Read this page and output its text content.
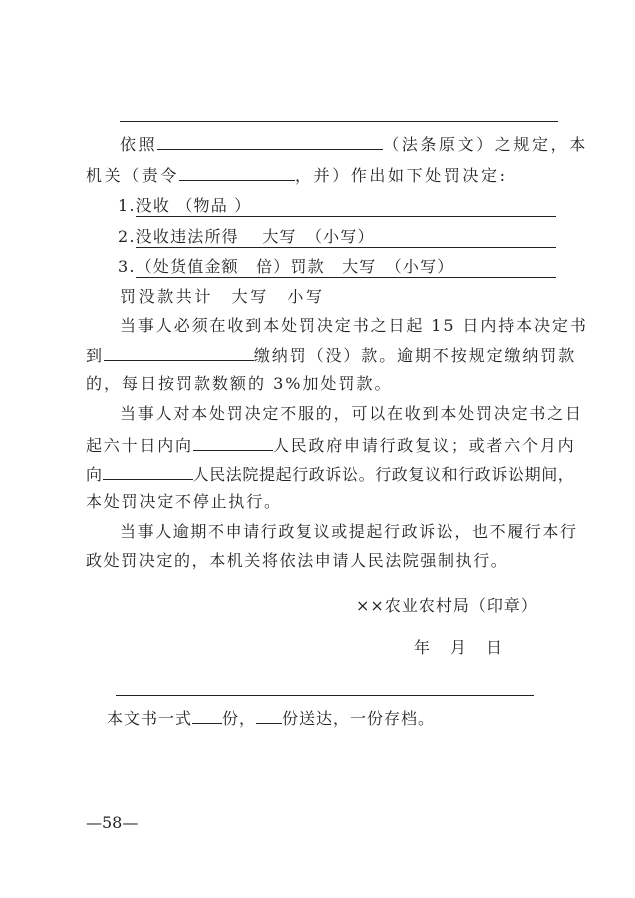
依照	（法条原文）之规定，本
机关（责令	，并）作出如下处罚决定:
1.没收 （物品 ）
2.没收违法所得　 大写　（小写）
3.（处货值金额　倍）罚款　大写　（小写）
罚没款共计　大写　小写
当事人必须在收到本处罚决定书之日起 15 日内持本决定书
到	缴纳罚（没）款。逾期不按规定缴纳罚款
的，每日按罚款数额的 3%加处罚款。
当事人对本处罚决定不服的，可以在收到本处罚决定书之日
起六十日内向	人民政府申请行政复议；或者六个月内
向	人民法院提起行政诉讼。行政复议和行政诉讼期间，
本处罚决定不停止执行。
当事人逾期不申请行政复议或提起行政诉讼，也不履行本行
政处罚决定的，本机关将依法申请人民法院强制执行。
××农业农村局（印章）
年　月　日
本文书一式 份， 份送达，一份存档。
—58—
